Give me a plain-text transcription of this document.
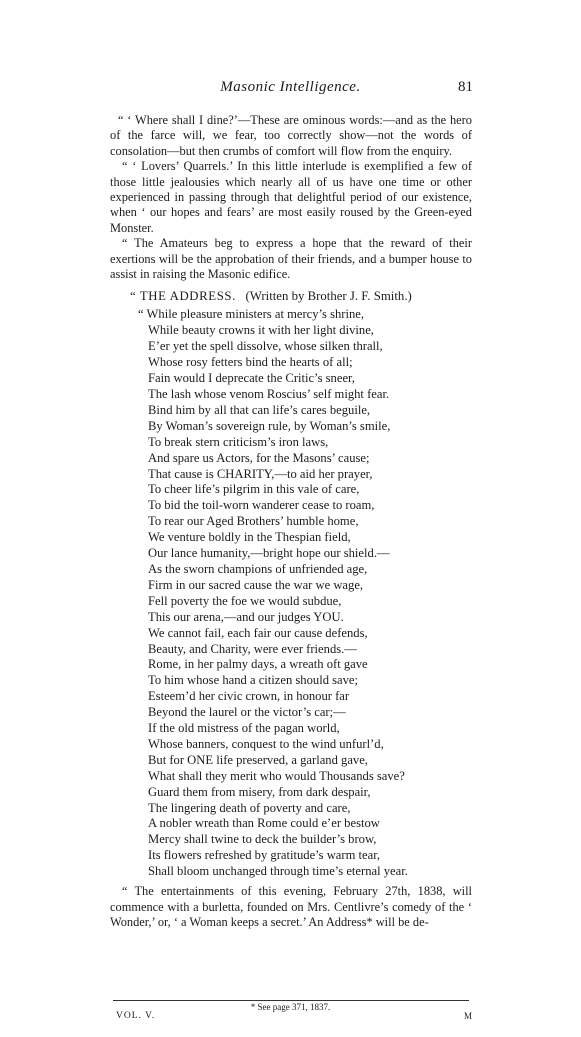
Masonic Intelligence.	81

“ ‘ Where shall I dine?’—These are ominous words:—and as the hero of the farce will, we fear, too correctly show—not the words of consolation—but then crumbs of comfort will flow from the enquiry.

“ ‘ Lovers’ Quarrels.’ In this little interlude is exemplified a few of those little jealousies which nearly all of us have one time or other experienced in passing through that delightful period of our existence, when ‘ our hopes and fears’ are most easily roused by the Green-eyed Monster.

“ The Amateurs beg to express a hope that the reward of their exertions will be the approbation of their friends, and a bumper house to assist in raising the Masonic edifice.

“ THE ADDRESS. (Written by Brother J. F. Smith.)
“ While pleasure ministers at mercy’s shrine,
While beauty crowns it with her light divine,
E’er yet the spell dissolve, whose silken thrall,
Whose rosy fetters bind the hearts of all;
Fain would I deprecate the Critic’s sneer,
The lash whose venom Roscius’ self might fear.
Bind him by all that can life’s cares beguile,
By Woman’s sovereign rule, by Woman’s smile,
To break stern criticism’s iron laws,
And spare us Actors, for the Masons’ cause;
That cause is CHARITY,—to aid her prayer,
To cheer life’s pilgrim in this vale of care,
To bid the toil-worn wanderer cease to roam,
To rear our Aged Brothers’ humble home,
We venture boldly in the Thespian field,
Our lance humanity,—bright hope our shield.—
As the sworn champions of unfriended age,
Firm in our sacred cause the war we wage,
Fell poverty the foe we would subdue,
This our arena,—and our judges YOU.
We cannot fail, each fair our cause defends,
Beauty, and Charity, were ever friends.—
Rome, in her palmy days, a wreath oft gave
To him whose hand a citizen should save;
Esteem’d her civic crown, in honour far
Beyond the laurel or the victor’s car;—
If the old mistress of the pagan world,
Whose banners, conquest to the wind unfurl’d,
But for ONE life preserved, a garland gave,
What shall they merit who would Thousands save?
Guard them from misery, from dark despair,
The lingering death of poverty and care,
A nobler wreath than Rome could e’er bestow
Mercy shall twine to deck the builder’s brow,
Its flowers refreshed by gratitude’s warm tear,
Shall bloom unchanged through time’s eternal year.

“ The entertainments of this evening, February 27th, 1838, will commence with a burletta, founded on Mrs. Centlivre’s comedy of the ‘ Wonder,’ or, ‘ a Woman keeps a secret.’ An Address* will be de-

* See page 371, 1837.
VOL. V.	M
